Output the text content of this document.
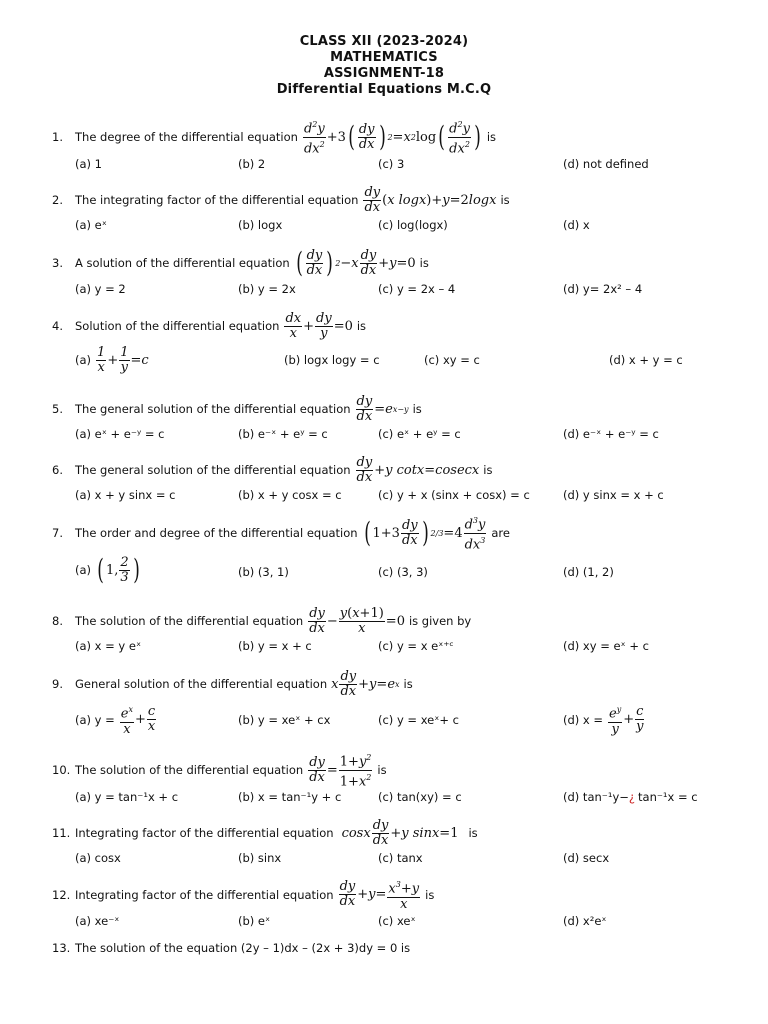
CLASS XII (2023-2024)
MATHEMATICS
ASSIGNMENT-18
Differential Equations M.C.Q
1.	The degree of the differential equation $\frac{d^2y}{dx^2} +3$ ( $\frac{dy}{dx}$ ) 2 = x 2 log ( $\frac{d^2y}{dx^2}$ ) is
(a) 1	(b) 2	(c) 3	(d) not defined
2.	The integrating factor of the differential equation $\frac{dy}{dx}$ ( x logx )+ y =2 logx is
(a) eˣ	(b) logx	(c) log(logx)	(d) x
3.	A solution of the differential equation ( $\frac{dy}{dx}$ ) 2 − x $\frac{dy}{dx} + y =0$ is
(a) y = 2	(b) y = 2x	(c) y = 2x – 4	(d) y= 2x² – 4
4.	Solution of the differential equation $\frac{dx}{x} + \frac{dy}{y} =0$ is
$(a) \frac{1}{x} + \frac{1}{y} = c$	(b) logx logy = c	(c) xy = c	(d) x + y = c
5.	The general solution of the differential equation $\frac{dy}{dx} = e$ x−y is
(a) eˣ + e⁻ʸ = c	(b) e⁻ˣ + eʸ = c	(c) eˣ + eʸ = c	(d) e⁻ˣ + e⁻ʸ = c
6.	The general solution of the differential equation $\frac{dy}{dx} + y$ cotx = cosecx is
(a) x + y sinx = c	(b) x + y cosx = c	(c) y + x (sinx + cosx) = c	(d) y sinx = x + c
7.	The order and degree of the differential equation ( $1+3 \frac{dy}{dx}$ ) $2/3 =4 \frac{d^3y}{dx^3}$ are
(a) ( 1, $\frac{2}{3}$ )	(b) (3, 1)	(c) (3, 3)	(d) (1, 2)
8.	The solution of the differential equation $\frac{dy}{dx} - \frac{y(x+1)}{x} =0$ is given by
(a) x = y eˣ	(b) y = x + c	(c) y = x eˣ⁺ᶜ	(d) xy = eˣ + c
9.	General solution of the differential equation x $\frac{dy}{dx} + y = e$ x is
(a) $y = \frac{e^x}{x} + \frac{c}{x}$	(b) y = xeˣ + cx	(c) y = xeˣ+ c	(d) $x = \frac{e^y}{y} + \frac{c}{y}$
10. The solution of the differential equation $\frac{dy}{dx} = \frac{1+y^2}{1+x^2}$ is
(a) y = tan⁻¹x + c	(b) x = tan⁻¹y + c	(c) tan(xy) = c	(d) tan⁻¹y − ¿ tan⁻¹x = c
11. Integrating factor of the differential equation cosx $\frac{dy}{dx} + y$ sinx =1 is
(a) cosx	(b) sinx	(c) tanx	(d) secx
12. Integrating factor of the differential equation $\frac{dy}{dx} + y = \frac{x^3+y}{x}$ is
(a) xe⁻ˣ	(b) eˣ	(c) xeˣ	(d) x²eˣ
13. The solution of the equation (2y – 1)dx – (2x + 3)dy = 0 is
